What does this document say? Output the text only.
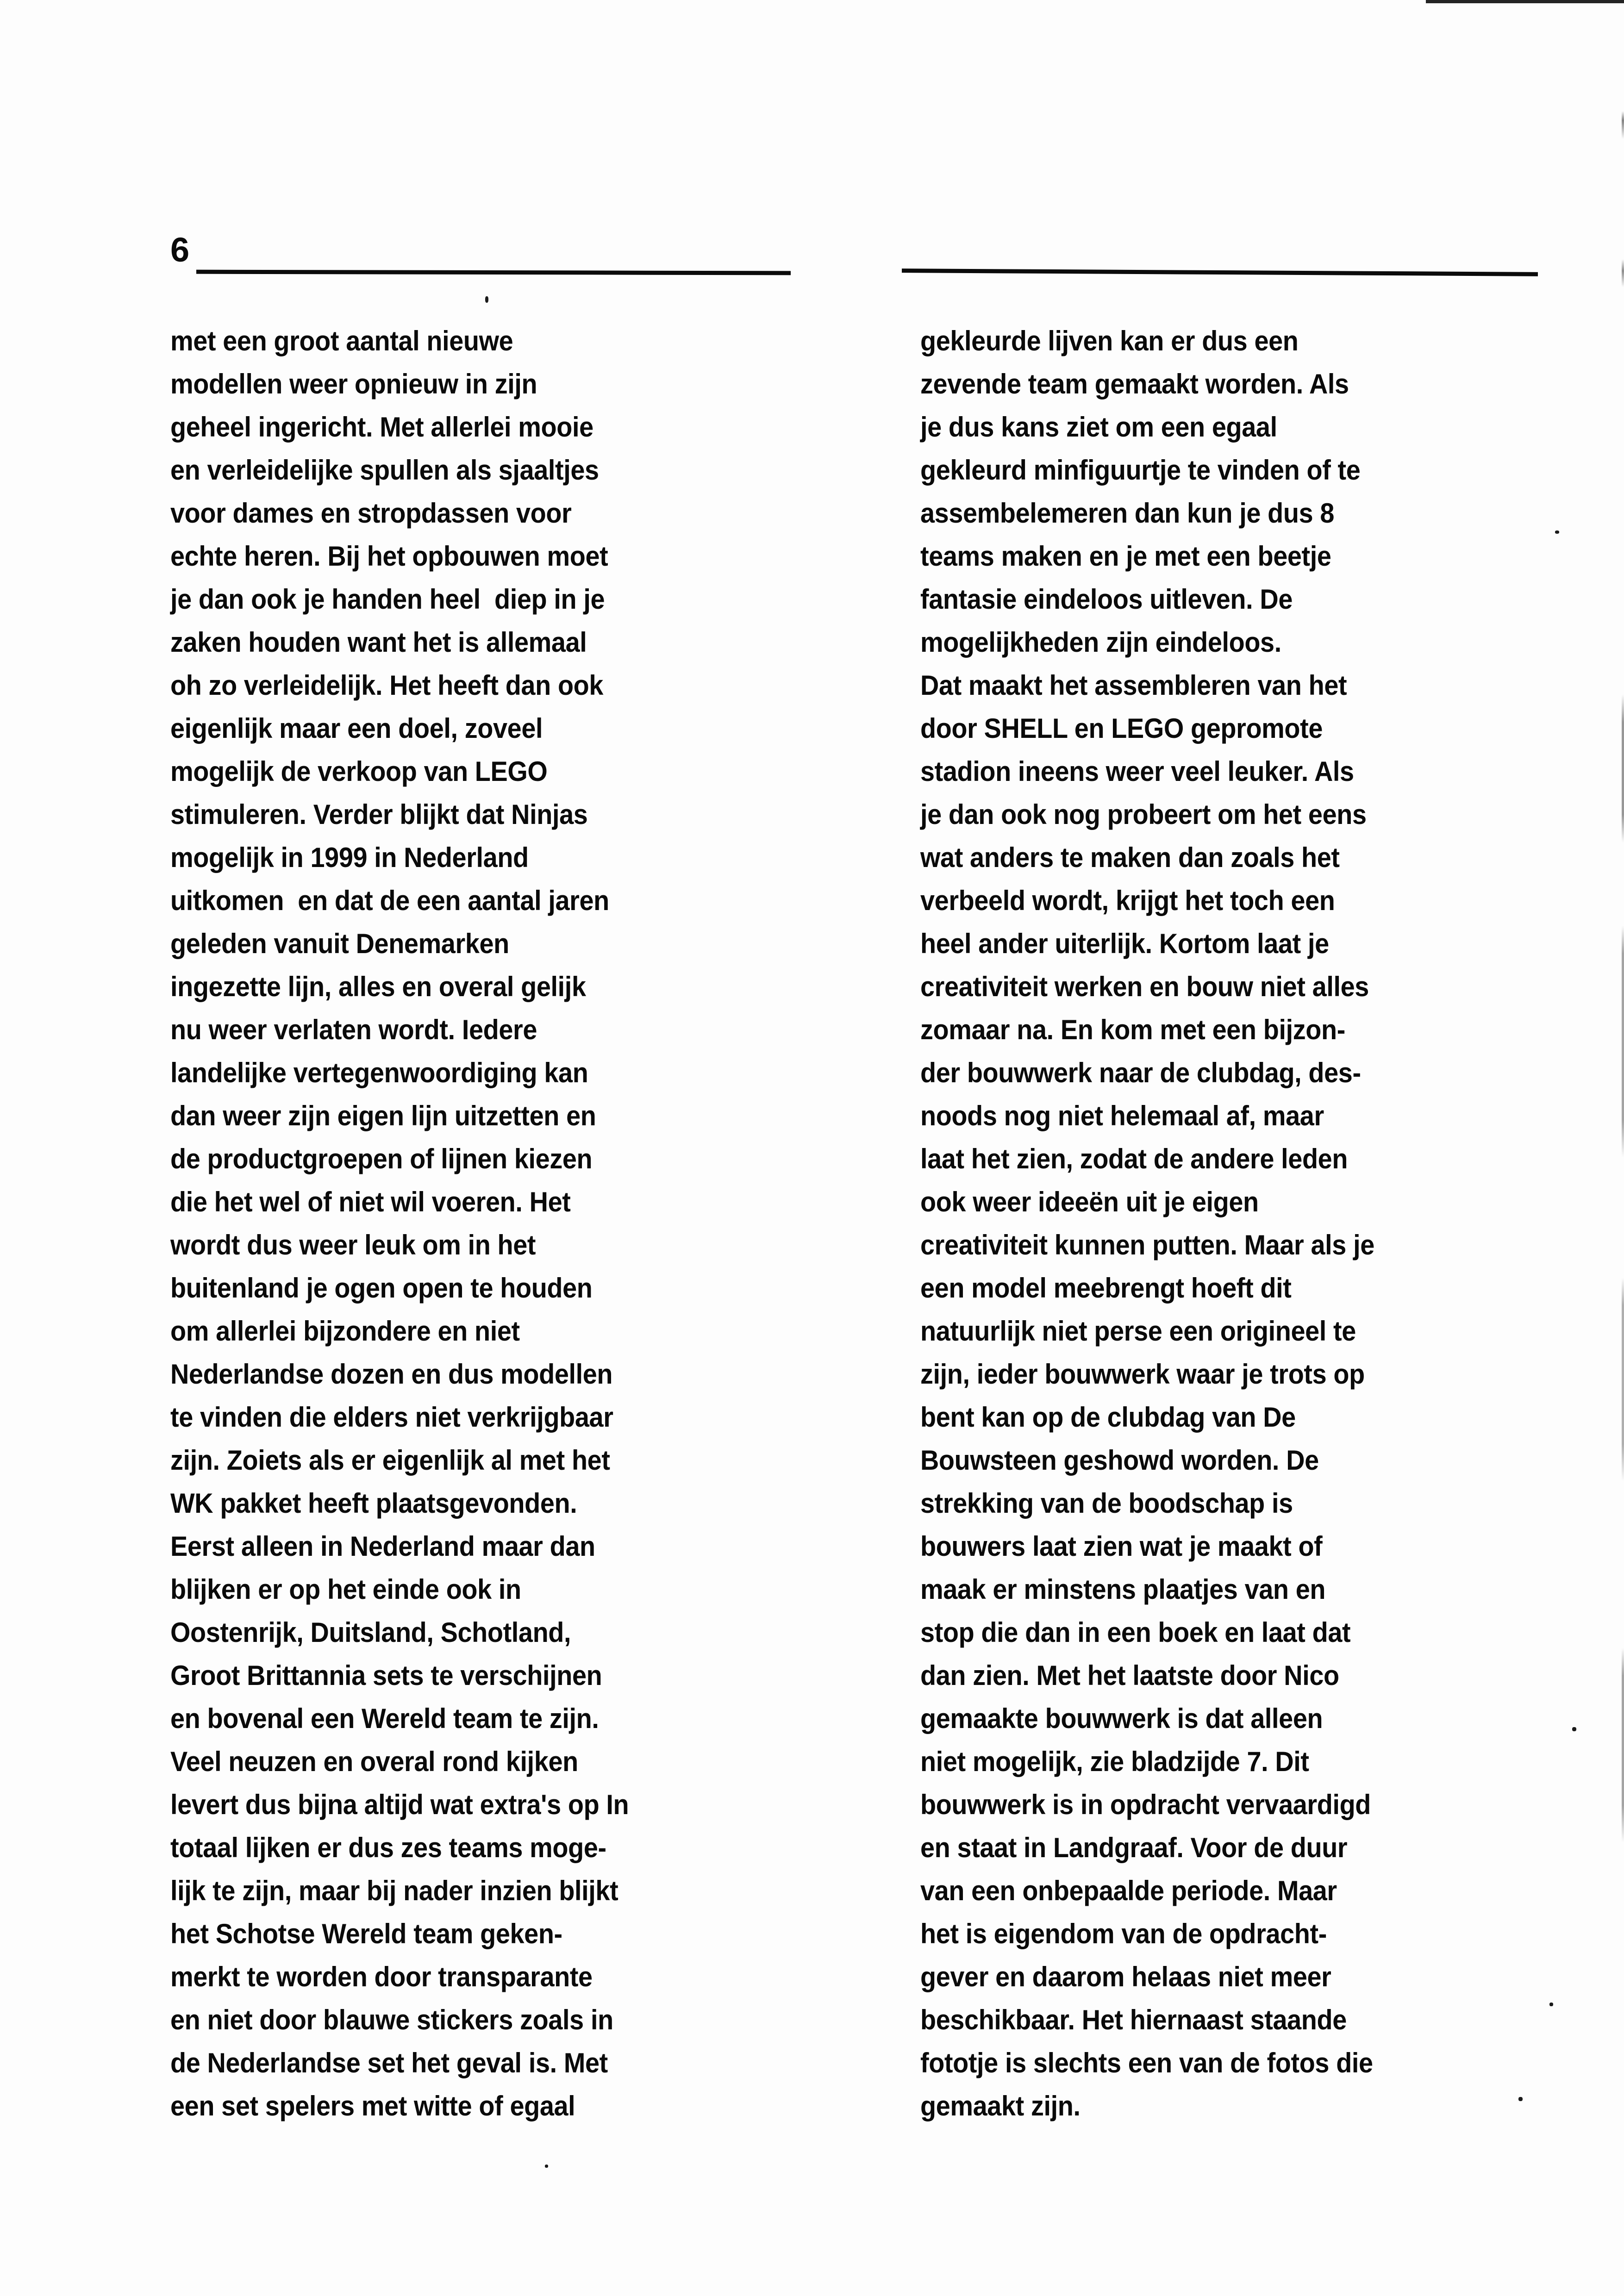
6
met een groot aantal nieuwe
modellen weer opnieuw in zijn
geheel ingericht. Met allerlei mooie
en verleidelijke spullen als sjaaltjes
voor dames en stropdassen voor
echte heren. Bij het opbouwen moet
je dan ook je handen heel  diep in je
zaken houden want het is allemaal
oh zo verleidelijk. Het heeft dan ook
eigenlijk maar een doel, zoveel
mogelijk de verkoop van LEGO
stimuleren. Verder blijkt dat Ninjas
mogelijk in 1999 in Nederland
uitkomen  en dat de een aantal jaren
geleden vanuit Denemarken
ingezette lijn, alles en overal gelijk
nu weer verlaten wordt. Iedere
landelijke vertegenwoordiging kan
dan weer zijn eigen lijn uitzetten en
de productgroepen of lijnen kiezen
die het wel of niet wil voeren. Het
wordt dus weer leuk om in het
buitenland je ogen open te houden
om allerlei bijzondere en niet
Nederlandse dozen en dus modellen
te vinden die elders niet verkrijgbaar
zijn. Zoiets als er eigenlijk al met het
WK pakket heeft plaatsgevonden.
Eerst alleen in Nederland maar dan
blijken er op het einde ook in
Oostenrijk, Duitsland, Schotland,
Groot Brittannia sets te verschijnen
en bovenal een Wereld team te zijn.
Veel neuzen en overal rond kijken
levert dus bijna altijd wat extra's op In
totaal lijken er dus zes teams moge-
lijk te zijn, maar bij nader inzien blijkt
het Schotse Wereld team geken-
merkt te worden door transparante
en niet door blauwe stickers zoals in
de Nederlandse set het geval is. Met
een set spelers met witte of egaal
gekleurde lijven kan er dus een
zevende team gemaakt worden. Als
je dus kans ziet om een egaal
gekleurd minfiguurtje te vinden of te
assembelemeren dan kun je dus 8
teams maken en je met een beetje
fantasie eindeloos uitleven. De
mogelijkheden zijn eindeloos.
Dat maakt het assembleren van het
door SHELL en LEGO gepromote
stadion ineens weer veel leuker. Als
je dan ook nog probeert om het eens
wat anders te maken dan zoals het
verbeeld wordt, krijgt het toch een
heel ander uiterlijk. Kortom laat je
creativiteit werken en bouw niet alles
zomaar na. En kom met een bijzon-
der bouwwerk naar de clubdag, des-
noods nog niet helemaal af, maar
laat het zien, zodat de andere leden
ook weer ideeën uit je eigen
creativiteit kunnen putten. Maar als je
een model meebrengt hoeft dit
natuurlijk niet perse een origineel te
zijn, ieder bouwwerk waar je trots op
bent kan op de clubdag van De
Bouwsteen geshowd worden. De
strekking van de boodschap is
bouwers laat zien wat je maakt of
maak er minstens plaatjes van en
stop die dan in een boek en laat dat
dan zien. Met het laatste door Nico
gemaakte bouwwerk is dat alleen
niet mogelijk, zie bladzijde 7. Dit
bouwwerk is in opdracht vervaardigd
en staat in Landgraaf. Voor de duur
van een onbepaalde periode. Maar
het is eigendom van de opdracht-
gever en daarom helaas niet meer
beschikbaar. Het hiernaast staande
fototje is slechts een van de fotos die
gemaakt zijn.
